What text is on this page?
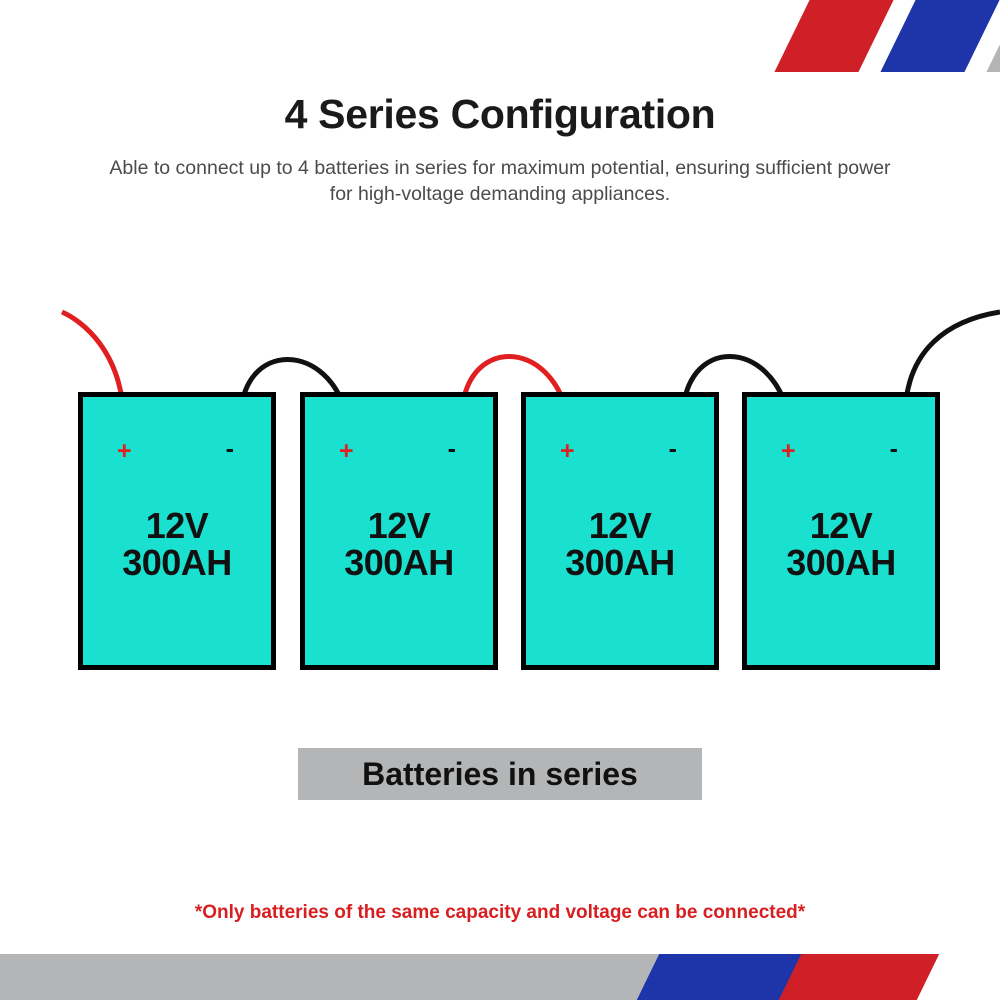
4 Series Configuration

Able to connect up to 4 batteries in series for maximum potential, ensuring sufficient power for high-voltage demanding appliances.

+	-
12V
300AH
+	-
12V
300AH
+	-
12V
300AH
+	-
12V
300AH
Batteries in series
*Only batteries of the same capacity and voltage can be connected*
